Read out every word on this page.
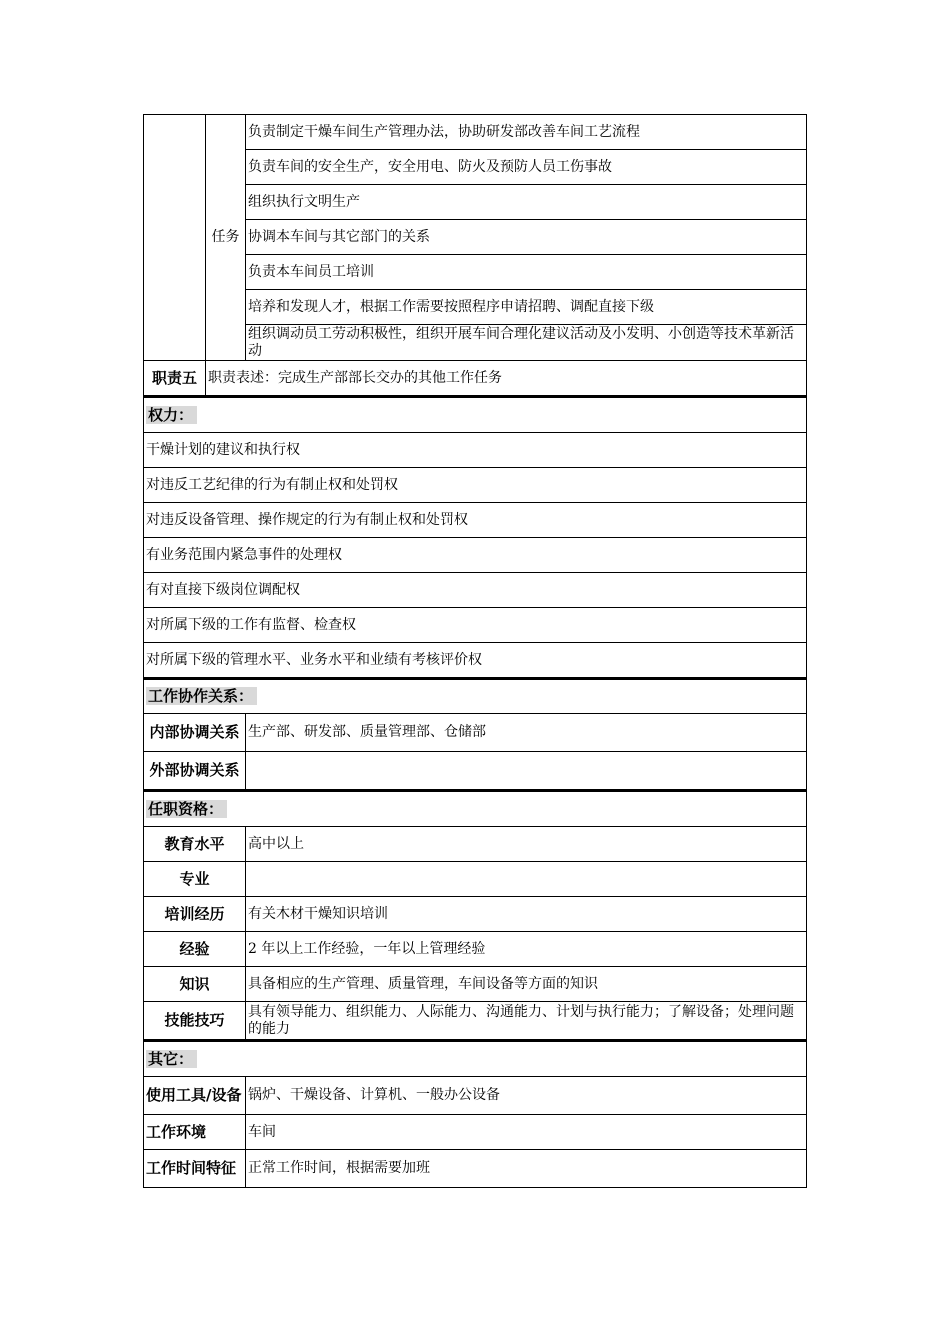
	任务	负责制定干燥车间生产管理办法，协助研发部改善车间工艺流程
		负责车间的安全生产，安全用电、防火及预防人员工伤事故
		组织执行文明生产
		协调本车间与其它部门的关系
		负责本车间员工培训
		培养和发现人才，根据工作需要按照程序申请招聘、调配直接下级
		组织调动员工劳动积极性，组织开展车间合理化建议活动及小发明、小创造等技术革新活动
职责五	职责表述：完成生产部部长交办的其他工作任务	
权力：
干燥计划的建议和执行权
对违反工艺纪律的行为有制止权和处罚权
对违反设备管理、操作规定的行为有制止权和处罚权
有业务范围内紧急事件的处理权
有对直接下级岗位调配权
对所属下级的工作有监督、检查权
对所属下级的管理水平、业务水平和业绩有考核评价权
工作协作关系：	
内部协调关系	生产部、研发部、质量管理部、仓储部
外部协调关系	
任职资格：	
教育水平	高中以上
专业	
培训经历	有关木材干燥知识培训
经验	2 年以上工作经验，一年以上管理经验
知识	具备相应的生产管理、质量管理，车间设备等方面的知识
技能技巧	具有领导能力、组织能力、人际能力、沟通能力、计划与执行能力；了解设备；处理问题的能力
其它：	
使用工具/设备	锅炉、干燥设备、计算机、一般办公设备
工作环境	车间
工作时间特征	正常工作时间，根据需要加班
